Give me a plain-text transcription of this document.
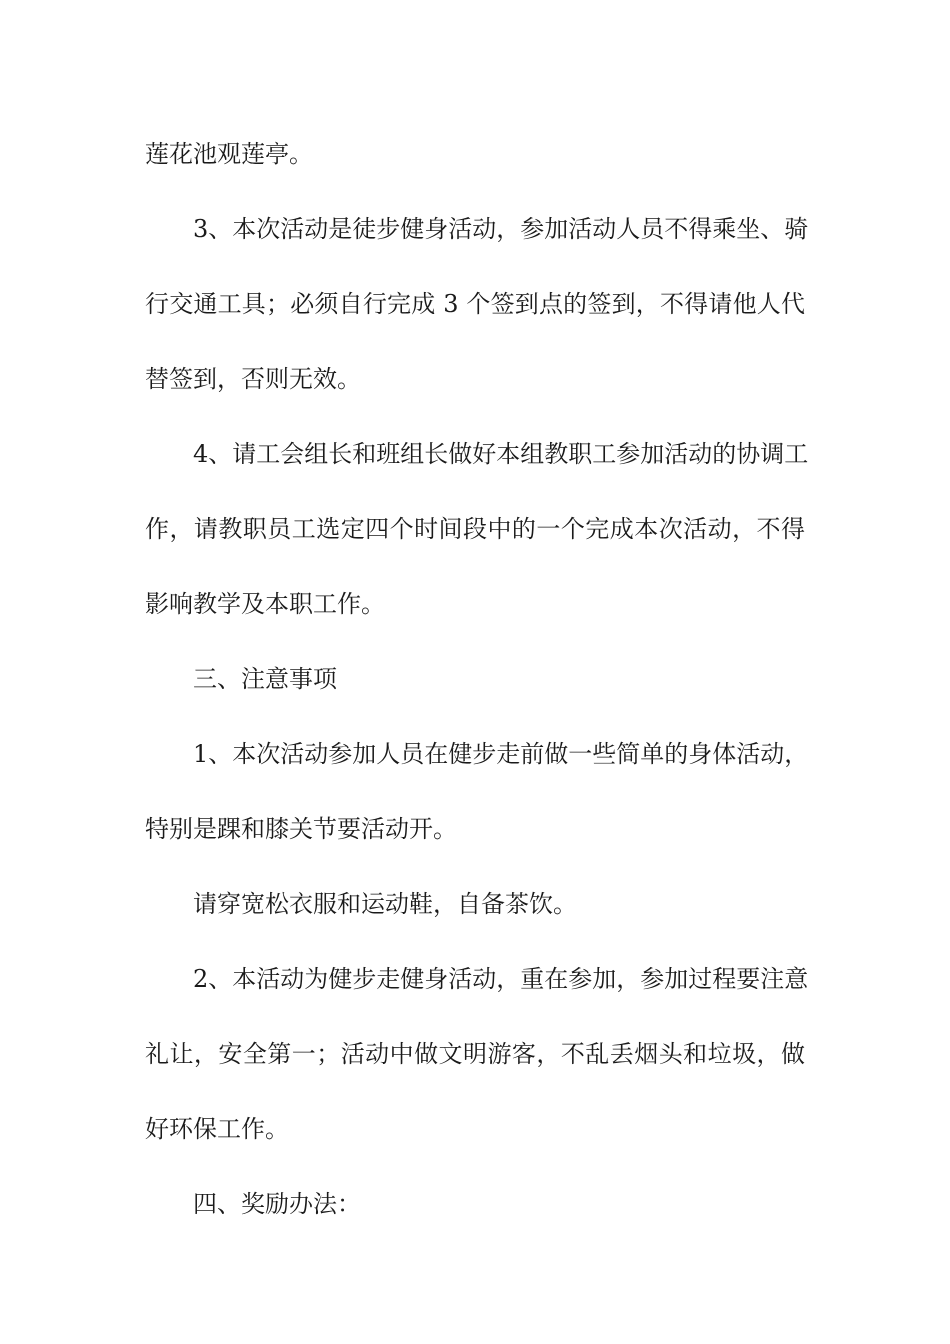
莲花池观莲亭。
3、本次活动是徒步健身活动，参加活动人员不得乘坐、骑
行交通工具；必须自行完成 3 个签到点的签到，不得请他人代
替签到，否则无效。
4、请工会组长和班组长做好本组教职工参加活动的协调工
作，请教职员工选定四个时间段中的一个完成本次活动，不得
影响教学及本职工作。
三、注意事项
1、本次活动参加人员在健步走前做一些简单的身体活动，
特别是踝和膝关节要活动开。
请穿宽松衣服和运动鞋，自备茶饮。
2、本活动为健步走健身活动，重在参加，参加过程要注意
礼让，安全第一；活动中做文明游客，不乱丢烟头和垃圾，做
好环保工作。
四、奖励办法：
